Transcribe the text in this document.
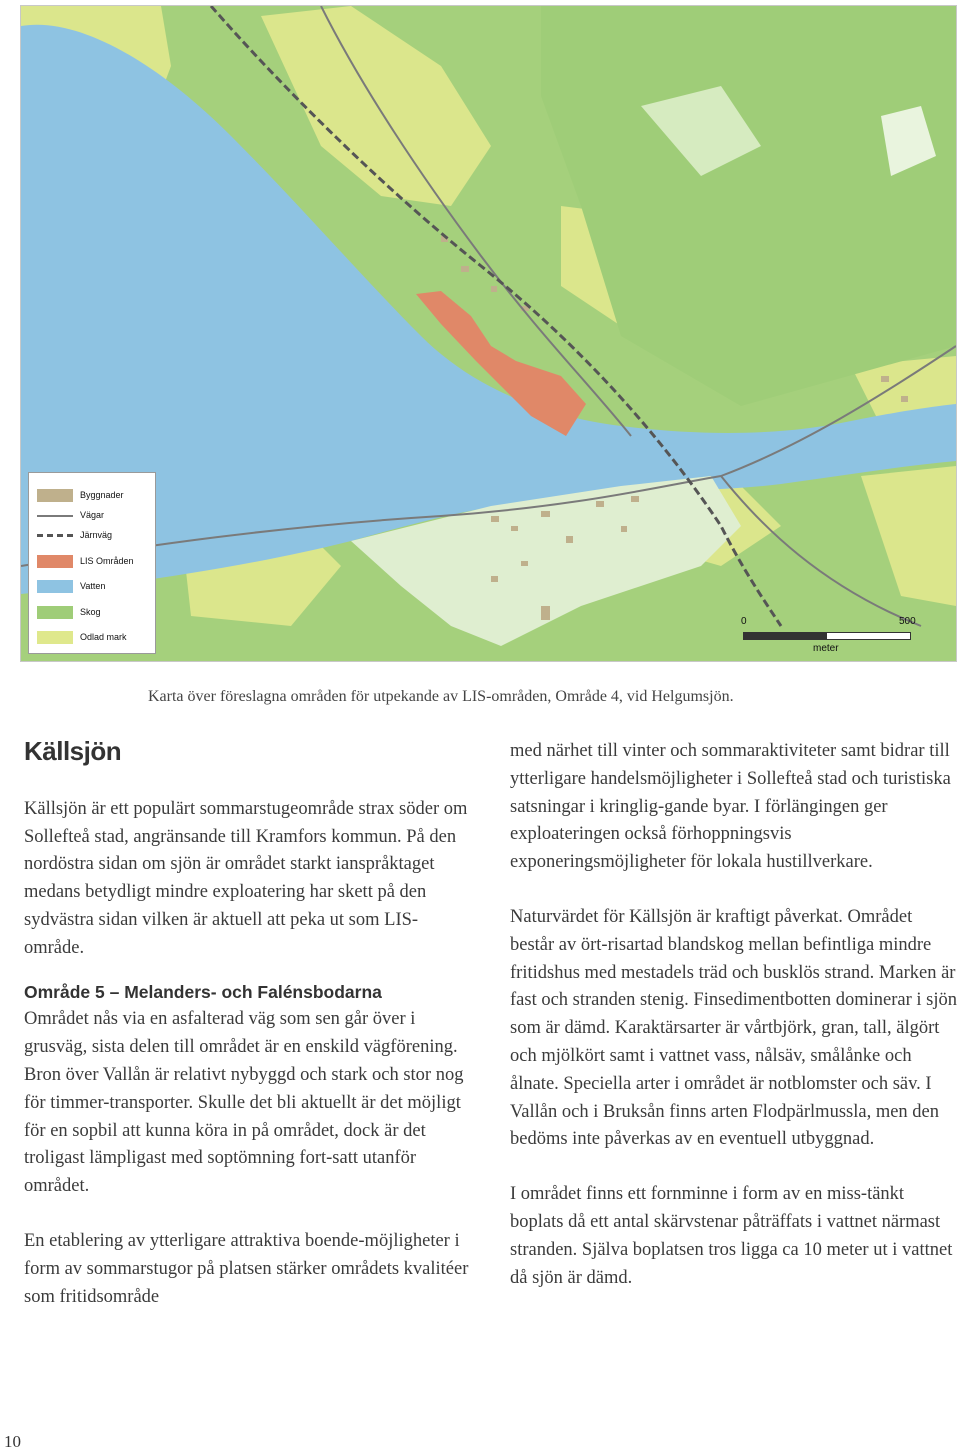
Byggnader
Vägar
Järnväg
LIS Områden
Vatten
Skog
Odlad mark
0	500
meter
Karta över föreslagna områden för utpekande av LIS-områden, Område 4, vid Helgumsjön.
Källsjön

Källsjön är ett populärt sommarstugeområde strax söder om Sollefteå stad, angränsande till Kramfors kommun. På den nordöstra sidan om sjön är området starkt ianspråktaget medans betydligt mindre exploatering har skett på den sydvästra sidan vilken är aktuell att peka ut som LIS-område.

Område 5 – Melanders- och Falénsbodarna

Området nås via en asfalterad väg som sen går över i grusväg, sista delen till området är en enskild vägförening. Bron över Vallån är relativt nybyggd och stark och stor nog för timmer-transporter. Skulle det bli aktuellt är det möjligt för en sopbil att kunna köra in på området, dock är det troligast lämpligast med soptömning fort-satt utanför området.

En etablering av ytterligare attraktiva boende-möjligheter i form av sommarstugor på platsen stärker områdets kvalitéer som fritidsområde

med närhet till vinter och sommaraktiviteter samt bidrar till ytterligare handelsmöjligheter i Sollefteå stad och turistiska satsningar i kringlig-gande byar. I förlängingen ger exploateringen också förhoppningsvis exponeringsmöjligheter för lokala hustillverkare.

Naturvärdet för Källsjön är kraftigt påverkat. Området består av ört-risartad blandskog mellan befintliga mindre fritidshus med mestadels träd och busklös strand. Marken är fast och stranden stenig. Finsedimentbotten dominerar i sjön som är dämd. Karaktärsarter är vårtbjörk, gran, tall, älgört och mjölkört samt i vattnet vass, nålsäv, smålånke och ålnate. Speciella arter i området är notblomster och säv. I Vallån och i Bruksån finns arten Flodpärlmussla, men den bedöms inte påverkas av en eventuell utbyggnad.

I området finns ett fornminne i form av en miss-tänkt boplats då ett antal skärvstenar påträffats i vattnet närmast stranden. Själva boplatsen tros ligga ca 10 meter ut i vattnet då sjön är dämd.

10
